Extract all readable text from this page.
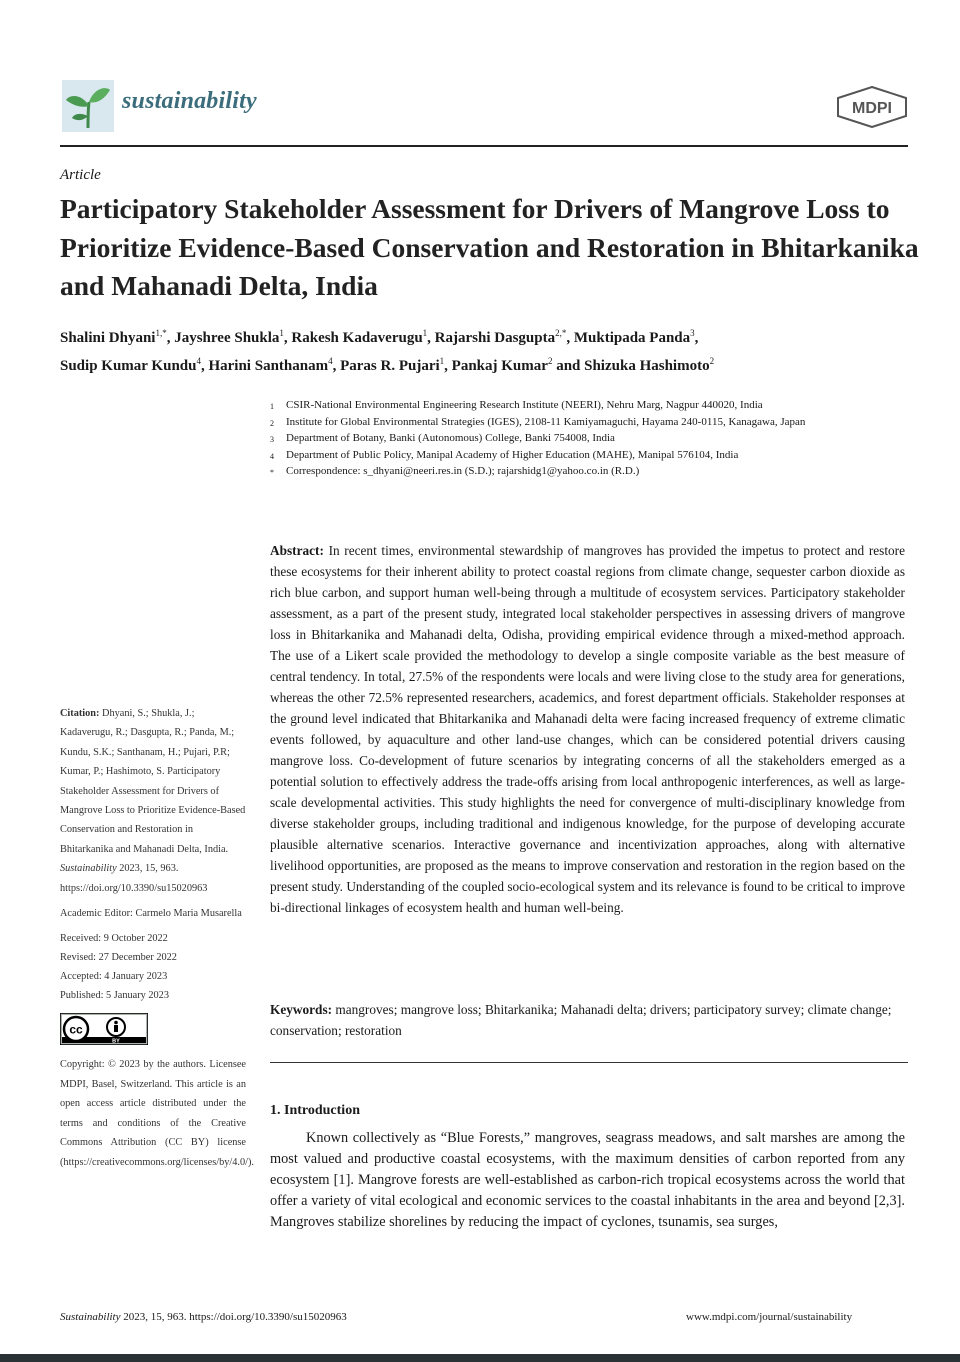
sustainability	MDPI
Article
Participatory Stakeholder Assessment for Drivers of Mangrove Loss to Prioritize Evidence-Based Conservation and Restoration in Bhitarkanika and Mahanadi Delta, India
Shalini Dhyani$^{1,*}$, Jayshree Shukla$^1$, Rakesh Kadaverugu$^1$, Rajarshi Dasgupta$^{2,*}$, Muktipada Panda$^3$,
Sudip Kumar Kundu$^4$, Harini Santhanam$^4$, Paras R. Pujari$^1$, Pankaj Kumar$^2$ and Shizuka Hashimoto$^2$
1	CSIR-National Environmental Engineering Research Institute (NEERI), Nehru Marg, Nagpur 440020, India
2	Institute for Global Environmental Strategies (IGES), 2108-11 Kamiyamaguchi, Hayama 240-0115, Kanagawa, Japan
3	Department of Botany, Banki (Autonomous) College, Banki 754008, India
4	Department of Public Policy, Manipal Academy of Higher Education (MAHE), Manipal 576104, India
*	Correspondence: s_dhyani@neeri.res.in (S.D.); rajarshidg1@yahoo.co.in (R.D.)
Abstract: In recent times, environmental stewardship of mangroves has provided the impetus to protect and restore these ecosystems for their inherent ability to protect coastal regions from climate change, sequester carbon dioxide as rich blue carbon, and support human well-being through a multitude of ecosystem services. Participatory stakeholder assessment, as a part of the present study, integrated local stakeholder perspectives in assessing drivers of mangrove loss in Bhitarkanika and Mahanadi delta, Odisha, providing empirical evidence through a mixed-method approach. The use of a Likert scale provided the methodology to develop a single composite variable as the best measure of central tendency. In total, 27.5% of the respondents were locals and were living close to the study area for generations, whereas the other 72.5% represented researchers, academics, and forest department officials. Stakeholder responses at the ground level indicated that Bhitarkanika and Mahanadi delta were facing increased frequency of extreme climatic events followed, by aquaculture and other land-use changes, which can be considered potential drivers causing mangrove loss. Co-development of future scenarios by integrating concerns of all the stakeholders emerged as a potential solution to effectively address the trade-offs arising from local anthropogenic interferences, as well as large-scale developmental activities. This study highlights the need for convergence of multi-disciplinary knowledge from diverse stakeholder groups, including traditional and indigenous knowledge, for the purpose of developing accurate plausible alternative scenarios. Interactive governance and incentivization approaches, along with alternative livelihood opportunities, are proposed as the means to improve conservation and restoration in the region based on the present study. Understanding of the coupled socio-ecological system and its relevance is found to be critical to improve bi-directional linkages of ecosystem health and human well-being.
Keywords: mangroves; mangrove loss; Bhitarkanika; Mahanadi delta; drivers; participatory survey; climate change; conservation; restoration
1. Introduction
Known collectively as “Blue Forests,” mangroves, seagrass meadows, and salt marshes are among the most valued and productive coastal ecosystems, with the maximum densities of carbon reported from any ecosystem [1]. Mangrove forests are well-established as carbon-rich tropical ecosystems across the world that offer a variety of vital ecological and economic services to the coastal inhabitants in the area and beyond [2,3]. Mangroves stabilize shorelines by reducing the impact of cyclones, tsunamis, sea surges,
Citation: Dhyani, S.; Shukla, J.; Kadaverugu, R.; Dasgupta, R.; Panda, M.; Kundu, S.K.; Santhanam, H.; Pujari, P.R; Kumar, P.; Hashimoto, S. Participatory Stakeholder Assessment for Drivers of Mangrove Loss to Prioritize Evidence-Based Conservation and Restoration in Bhitarkanika and Mahanadi Delta, India. Sustainability 2023, 15, 963. https://doi.org/10.3390/su15020963
Academic Editor: Carmelo Maria Musarella
Received: 9 October 2022
Revised: 27 December 2022
Accepted: 4 January 2023
Published: 5 January 2023
cc
BY
Copyright: © 2023 by the authors. Licensee MDPI, Basel, Switzerland. This article is an open access article distributed under the terms and conditions of the Creative Commons Attribution (CC BY) license (https://creativecommons.org/licenses/by/4.0/).
Sustainability 2023, 15, 963. https://doi.org/10.3390/su15020963	www.mdpi.com/journal/sustainability
